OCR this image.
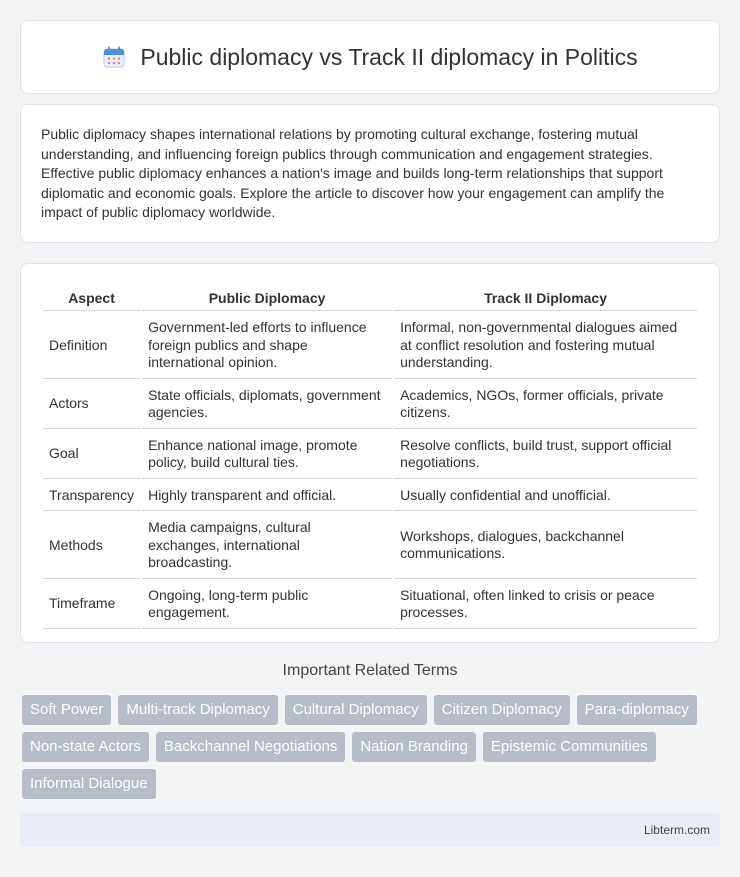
Public diplomacy vs Track II diplomacy in Politics

Public diplomacy shapes international relations by promoting cultural exchange, fostering mutual understanding, and influencing foreign publics through communication and engagement strategies. Effective public diplomacy enhances a nation's image and builds long-term relationships that support diplomatic and economic goals. Explore the article to discover how your engagement can amplify the impact of public diplomacy worldwide.

Aspect	Public Diplomacy	Track II Diplomacy
Definition	Government-led efforts to influence foreign publics and shape international opinion.	Informal, non-governmental dialogues aimed at conflict resolution and fostering mutual understanding.
Actors	State officials, diplomats, government agencies.	Academics, NGOs, former officials, private citizens.
Goal	Enhance national image, promote policy, build cultural ties.	Resolve conflicts, build trust, support official negotiations.
Transparency	Highly transparent and official.	Usually confidential and unofficial.
Methods	Media campaigns, cultural exchanges, international broadcasting.	Workshops, dialogues, backchannel communications.
Timeframe	Ongoing, long-term public engagement.	Situational, often linked to crisis or peace processes.
Important Related Terms
Soft Power	Multi-track Diplomacy	Cultural Diplomacy	Citizen Diplomacy	Para-diplomacy
Non-state Actors	Backchannel Negotiations	Nation Branding	Epistemic Communities
Informal Dialogue
Libterm.com
